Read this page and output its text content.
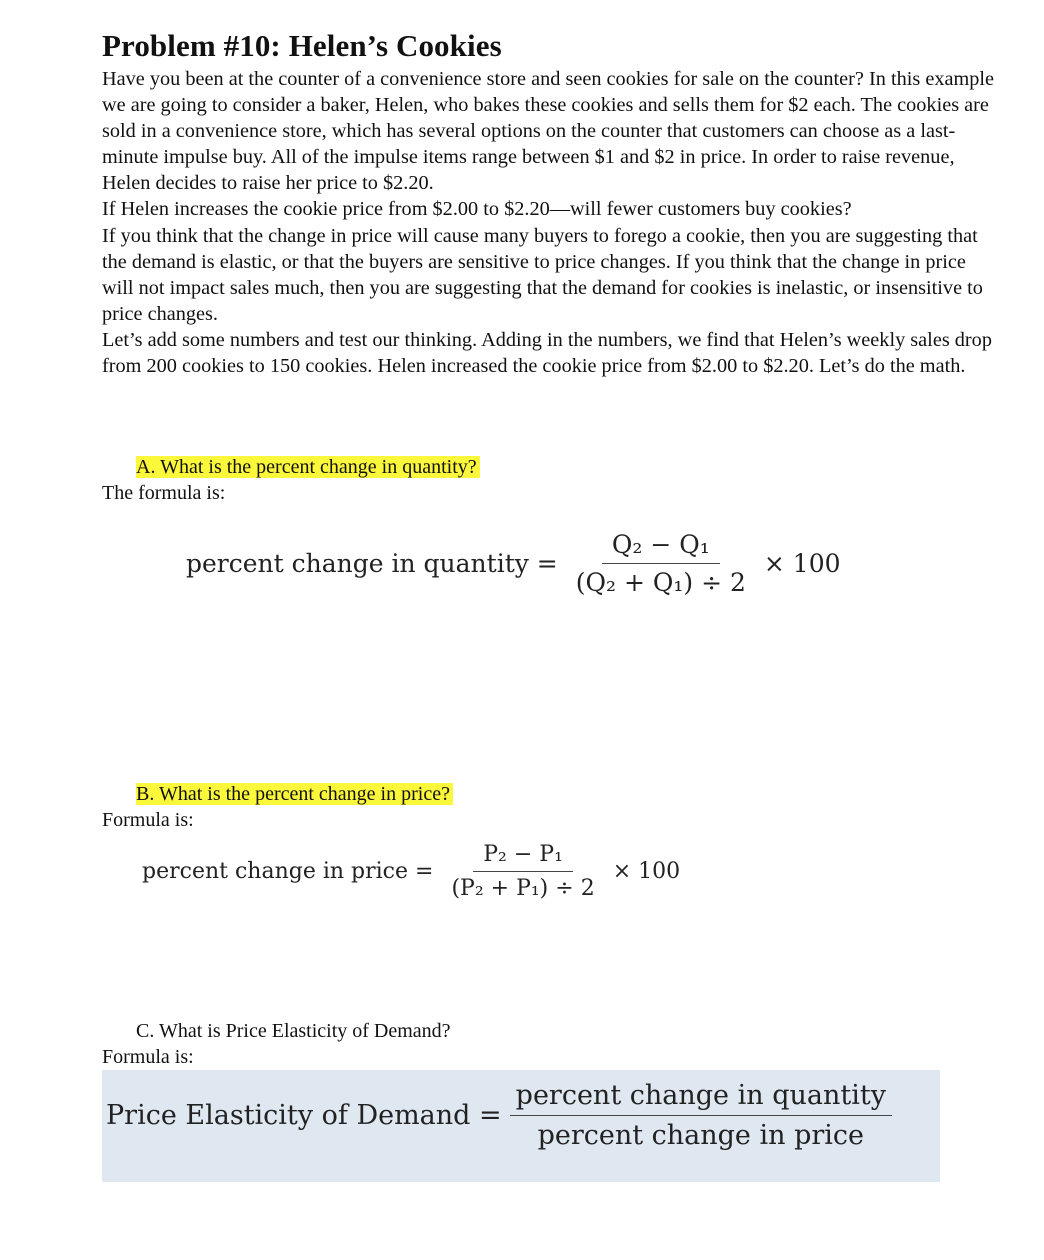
Problem #10: Helen’s Cookies

Have you been at the counter of a convenience store and seen cookies for sale on the counter? In this example we are going to consider a baker, Helen, who bakes these cookies and sells them for $2 each. The cookies are sold in a convenience store, which has several options on the counter that customers can choose as a last-minute impulse buy. All of the impulse items range between $1 and $2 in price. In order to raise revenue, Helen decides to raise her price to $2.20.

If Helen increases the cookie price from $2.00 to $2.20—will fewer customers buy cookies?

If you think that the change in price will cause many buyers to forego a cookie, then you are suggesting that the demand is elastic, or that the buyers are sensitive to price changes. If you think that the change in price will not impact sales much, then you are suggesting that the demand for cookies is inelastic, or insensitive to price changes.

Let’s add some numbers and test our thinking. Adding in the numbers, we find that Helen’s weekly sales drop from 200 cookies to 150 cookies. Helen increased the cookie price from $2.00 to $2.20. Let’s do the math.

A. What is the percent change in quantity?
The formula is:
percent change in quantity = $\frac{\text{Q₂ − Q₁}}{\text{(Q₂ + Q₁) ÷ 2}} \times 100$
B. What is the percent change in price?
Formula is:
percent change in price = $\frac{\text{P₂ − P₁}}{\text{(P₂ + P₁) ÷ 2}} \times 100$
C. What is Price Elasticity of Demand?
Formula is:
Price Elasticity of Demand = $\frac{\text{percent change in quantity}}{\text{percent change in price}}$
